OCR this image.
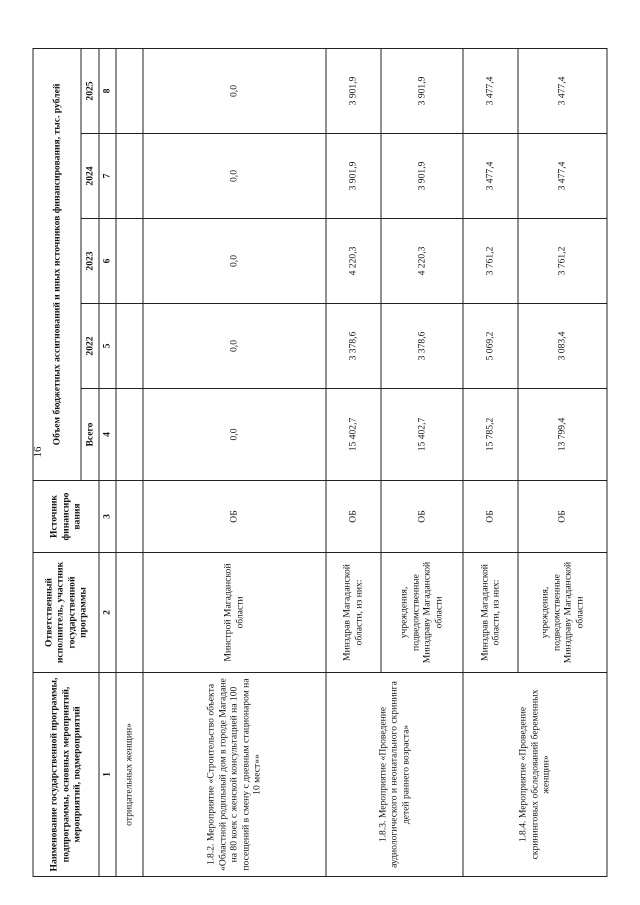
16
Наименование государственной программы, подпрограммы, основных мероприятий, мероприятий, подмероприятий	Ответственный исполнитель, участник государственной программы	Источник финансиро вания	Объем бюджетных ассигнований и иных источников финансирования, тыс. рублей				
			Всего	2022	2023	2024	2025
1	2	3	4	5	6	7	8
отрицательных женщин»							
1.8.2. Мероприятие «Строительство объекта «Областной родильный дом в городе Магадане на 80 коек с женской консультацией на 100 посещений в смену с дневным стационаром на 10 мест»»	Минстрой Магаданской области	ОБ	0,0	0,0	0,0	0,0	0,0
1.8.3. Мероприятие «Проведение аудиологического и неонатального скрининга детей раннего возраста»	Минздрав Магаданской области, из них:	ОБ	15 402,7	3 378,6	4 220,3	3 901,9	3 901,9
	учреждения, подведомственные Минздраву Магаданской области	ОБ	15 402,7	3 378,6	4 220,3	3 901,9	3 901,9
1.8.4. Мероприятие «Проведение скрининговых обследований беременных женщин»	Минздрав Магаданской области, из них:	ОБ	15 785,2	5 069,2	3 761,2	3 477,4	3 477,4
	учреждения, подведомственные Минздраву Магаданской области	ОБ	13 799,4	3 083,4	3 761,2	3 477,4	3 477,4
